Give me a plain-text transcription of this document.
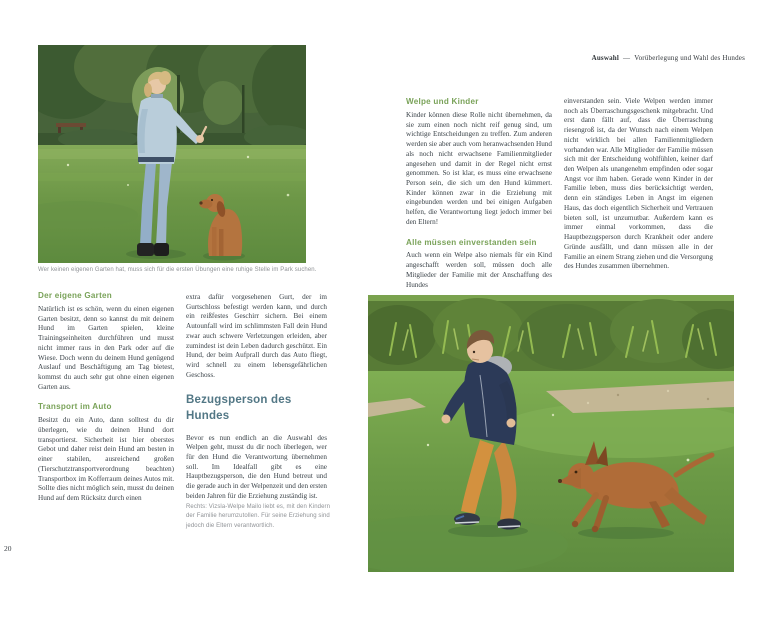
Auswahl — Vorüberlegung und Wahl des Hundes
Wer keinen eigenen Garten hat, muss sich für die ersten Übungen eine ruhige Stelle im Park suchen.
Der eigene Garten

Natürlich ist es schön, wenn du einen eigenen Garten besitzt, denn so kannst du mit deinem Hund im Garten spielen, kleine Trainingseinheiten durchführen und musst nicht immer raus in den Park oder auf die Wiese. Doch wenn du deinem Hund genügend Auslauf und Beschäftigung am Tag bietest, kommst du auch sehr gut ohne einen eigenen Garten aus.

Transport im Auto

Besitzt du ein Auto, dann solltest du dir überlegen, wie du deinen Hund dort transportierst. Sicherheit ist hier oberstes Gebot und daher reist dein Hund am besten in einer stabilen, ausreichend großen (Tierschutztransportverordnung beachten) Transportbox im Kofferraum deines Autos mit. Sollte dies nicht möglich sein, musst du deinen Hund auf dem Rücksitz durch einen

extra dafür vorgesehenen Gurt, der im Gurtschloss befestigt werden kann, und durch ein reißfestes Geschirr sichern. Bei einem Autounfall wird im schlimmsten Fall dein Hund zwar auch schwere Verletzungen erleiden, aber zumindest ist dein Leben dadurch geschützt. Ein Hund, der beim Aufprall durch das Auto fliegt, wird schnell zu einem lebensgefährlichen Geschoss.

Bezugsperson des Hundes

Bevor es nun endlich an die Auswahl des Welpen geht, musst du dir noch überlegen, wer für den Hund die Verantwortung übernehmen soll. Im Idealfall gibt es eine Hauptbezugsperson, die den Hund betreut und die gerade auch in der Welpenzeit und den ersten beiden Jahren für die Erziehung zuständig ist.

Rechts: Vizsla-Welpe Mailo liebt es, mit den Kindern der Familie herumzutollen. Für seine Erziehung sind jedoch die Eltern verantwortlich.
20
Welpe und Kinder

Kinder können diese Rolle nicht übernehmen, da sie zum einen noch nicht reif genug sind, um wichtige Entscheidungen zu treffen. Zum anderen werden sie aber auch vom heranwachsenden Hund als noch nicht erwachsene Familienmitglieder angesehen und damit in der Regel nicht ernst genommen. So ist klar, es muss eine erwachsene Person sein, die sich um den Hund kümmert. Kinder können zwar in die Erziehung mit eingebunden werden und bei einigen Aufgaben helfen, die Verantwortung liegt jedoch immer bei den Eltern!

Alle müssen einverstanden sein

Auch wenn ein Welpe also niemals für ein Kind angeschafft werden soll, müssen doch alle Mitglieder der Familie mit der Anschaffung des Hundes

einverstanden sein. Viele Welpen werden immer noch als Überraschungsgeschenk mitgebracht. Und erst dann fällt auf, dass die Überraschung riesengroß ist, da der Wunsch nach einem Welpen nicht wirklich bei allen Familienmitgliedern vorhanden war. Alle Mitglieder der Familie müssen sich mit der Entscheidung wohlfühlen, keiner darf den Welpen als unangenehm empfinden oder sogar Angst vor ihm haben. Gerade wenn Kinder in der Familie leben, muss dies berücksichtigt werden, denn ein ständiges Leben in Angst im eigenen Haus, das doch eigentlich Sicherheit und Vertrauen bieten soll, ist unzumutbar. Außerdem kann es immer einmal vorkommen, dass die Hauptbezugsperson durch Krankheit oder andere Gründe ausfällt, und dann müssen alle in der Familie an einem Strang ziehen und die Versorgung des Hundes zusammen übernehmen.
